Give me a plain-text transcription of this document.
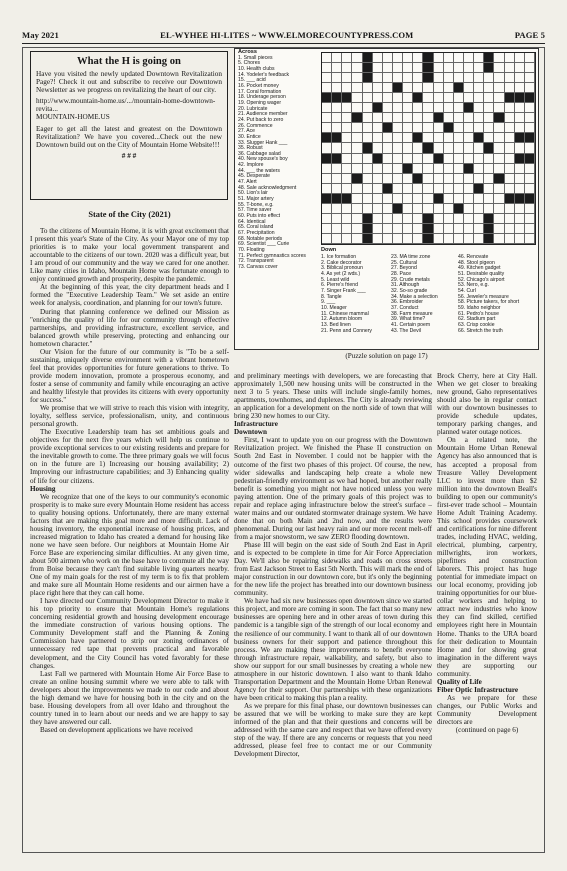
May 2021	EL-WYHEE HI-LITES ~ WWW.ELMORECOUNTYPRESS.COM	PAGE 5
What the H is going on

Have you visited the newly updated Downtown Revitalization Page?! Check it out and subscribe to receive our Downtown Newsletter as we progress on revitalizing the heart of our city.

http://www.mountain-home.us/.../mountain-home-downtown-revita...

MOUNTAIN-HOME.US

Eager to get all the latest and greatest on the Downtown Revitalization? We have you covered...Check out the new Downtown build out on the City of Mountain Home Website!!!

# # #

State of the City (2021)

To the citizens of Mountain Home, it is with great excitement that I present this year's State of the City. As your Mayor one of my top priorities is to make your local government transparent and accountable to the citizens of our town. 2020 was a difficult year, but I am proud of our community and the way we cared for one another. Like many cities in Idaho, Mountain Home was fortunate enough to enjoy continued growth and prosperity, despite the pandemic.

At the beginning of this year, the city department heads and I formed the "Executive Leadership Team." We set aside an entire week for analysis, coordination, and planning for our town's future.

During that planning conference we defined our Mission as "enriching the quality of life for our community through effective partnerships, and providing infrastructure, excellent service, and balanced growth while preserving, protecting and enhancing our hometown character."

Our Vision for the future of our community is "To be a self-sustaining, uniquely diverse environment with a vibrant hometown feel that provides opportunities for future generations to thrive. To provide modern innovation, promote a prosperous economy, and foster a sense of community and family while encouraging an active and healthy lifestyle that provides its citizens with every opportunity for success."

We promise that we will strive to reach this vision with integrity, loyalty, selfless service, professionalism, unity, and continuous personal growth.

The Executive Leadership team has set ambitious goals and objectives for the next five years which will help us continue to provide exceptional services to our existing residents and prepare for the inevitable growth to come. The three primary goals we will focus on in the future are 1) Increasing our housing availability; 2) Improving our infrastructure capabilities; and 3) Enhancing quality of life for our citizens.

Housing

We recognize that one of the keys to our community's economic prosperity is to make sure every Mountain Home resident has access to quality housing options. Unfortunately, there are many external factors that are making this goal more and more difficult. Lack of housing inventory, the exponential increase of housing prices, and increased migration to Idaho has created a demand for housing like none we have seen before. Our neighbors at Mountain Home Air Force Base are experiencing similar difficulties. At any given time, about 500 airmen who work on the base have to commute all the way from Boise because they can't find suitable living quarters nearby. One of my main goals for the rest of my term is to fix that problem and make sure all Mountain Home residents and our airmen have a place right here that they can call home.

I have directed our Community Development Director to make it his top priority to ensure that Mountain Home's regulations concerning residential growth and housing development encourage the immediate construction of various housing options. The Community Development staff and the Planning & Zoning Commission have partnered to strip our zoning ordinances of unnecessary red tape that prevents practical and favorable development, and the City Council has voted favorably for these changes.

Last Fall we partnered with Mountain Home Air Force Base to create an online housing summit where we were able to talk with developers about the improvements we made to our code and about the high demand we have for housing both in the city and on the base. Housing developers from all over Idaho and throughout the country tuned in to learn about our needs and we are happy to say they have answered our call.

Based on development applications we have received

Across
1. Small pieces
5. Chores
10. Health clubs
14. Yodeler's feedback
15. ___ acid
16. Pocket money
17. Coral formation
18. Underage person
19. Opening wager
20. Lubricate
21. Audience member
24. Put back to zero
26. Commence
27. Ace
30. Entice
33. Slugger Hank ___
35. Robust
36. Cabbage salad
40. New spouse's boy
42. Implore
44. ___ the waters
45. Desperate
47. Alert
48. Sale acknowledgment
50. Lion's lair
51. Major artery
55. T-bone, e.g.
57. Time saver
60. Puts into effect
64. Identical
65. Coral island
67. Precipitation
68. Notable periods
69. Scientist ___ Curie
70. Floating
71. Perfect gymnastics scores
72. Transparent
73. Canvas cover
Down
1. Ice formation
2. Cake decorator
3. Biblical pronoun
4. As yet (2 wds.)
5. Least wild
6. Pierre's friend
7. Singer Frank ___
8. Tangle
9. ___
10. Meager
11. Chinese mammal
12. Autumn bloom
13. Bed linen
21. Penn and Connery
23. MA time zone
25. Cultural
27. Beyond
28. Pace
29. Crude metals
31. Although
32. So-so grade
34. Make a selection
36. Embroider
37. Conduct
38. Farm measure
39. What time?
41. Certain poem
43. The Devil
46. Renovate
48. Stool pigeon
49. Kitchen gadget
51. Desirable quality
52. Chicago's airport
53. Nero, e.g.
54. Curl
56. Jeweler's measure
58. Picture takers, for short
59. Idaho neighbor
61. Pedro's house
62. Stadium part
63. Crisp cookie
66. Stretch the truth
(Puzzle solution on page 17)

and preliminary meetings with developers, we are forecasting that approximately 1,500 new housing units will be constructed in the next 3 to 5 years. These units will include single-family homes, apartments, townhomes, and duplexes. The City is already reviewing an application for a development on the north side of town that will bring 230 new homes to our City.

Infrastructure

Downtown

First, I want to update you on our progress with the Downtown Revitalization project. We finished the Phase II construction on South 2nd East in November. I could not be happier with the outcome of the first two phases of this project. Of course, the new, wider sidewalks and landscaping help create a whole new pedestrian-friendly environment as we had hoped, but another really benefit is something you might not have noticed unless you were paying attention. One of the primary goals of this project was to repair and replace aging infrastructure below the street's surface – water mains and our outdated stormwater drainage system. We have done that on both Main and 2nd now, and the results were phenomenal. During our last heavy rain and our more recent melt-off from a major snowstorm, we saw ZERO flooding downtown.

Phase III will begin on the east side of South 2nd East in April and is expected to be complete in time for Air Force Appreciation Day. We'll also be repairing sidewalks and roads on cross streets from East Jackson Street to East 5th North. This will mark the end of major construction in our downtown core, but it's only the beginning for the new life the project has breathed into our downtown business community.

We have had six new businesses open downtown since we started this project, and more are coming in soon. The fact that so many new businesses are opening here and in other areas of town during this pandemic is a tangible sign of the strength of our local economy and the resilience of our community. I want to thank all of our downtown business owners for their support and patience throughout this process. We are making these improvements to benefit everyone through infrastructure repair, walkability, and safety, but also to show our support for our small businesses by creating a whole new atmosphere in our historic downtown. I also want to thank Idaho Transportation Department and the Mountain Home Urban Renewal Agency for their support. Our partnerships with these organizations have been critical to making this plan a reality.

As we prepare for this final phase, our downtown businesses can be assured that we will be working to make sure they are kept informed of the plan and that their questions and concerns will be addressed with the same care and respect that we have offered every step of the way. If there are any concerns or requests that you need addressed, please feel free to contact me or our Community Development Director,

Brock Cherry, here at City Hall. When we get closer to breaking new ground, Gaho representatives should also be in regular contact with our downtown businesses to provide schedule updates, temporary parking changes, and planned water outage notices.

On a related note, the Mountain Home Urban Renewal Agency has also announced that is has accepted a proposal from Treasure Valley Development LLC to invest more than $2 million into the downtown Beall's building to open our community's first-ever trade school – Mountain Home Adult Training Academy. This school provides coursework and certifications for nine different trades, including HVAC, welding, electrical, plumbing, carpentry, millwrights, iron workers, pipefitters and construction laborers. This project has huge potential for immediate impact on our local economy, providing job training opportunities for our blue-collar workers and helping to attract new industries who know they can find skilled, certified employees right here in Mountain Home. Thanks to the URA board for their dedication to Mountain Home and for showing great imagination in the different ways they are supporting our community.

Quality of Life

Fiber Optic Infrastructure

As we prepare for these changes, our Public Works and Community Development directors are

(continued on page 6)
